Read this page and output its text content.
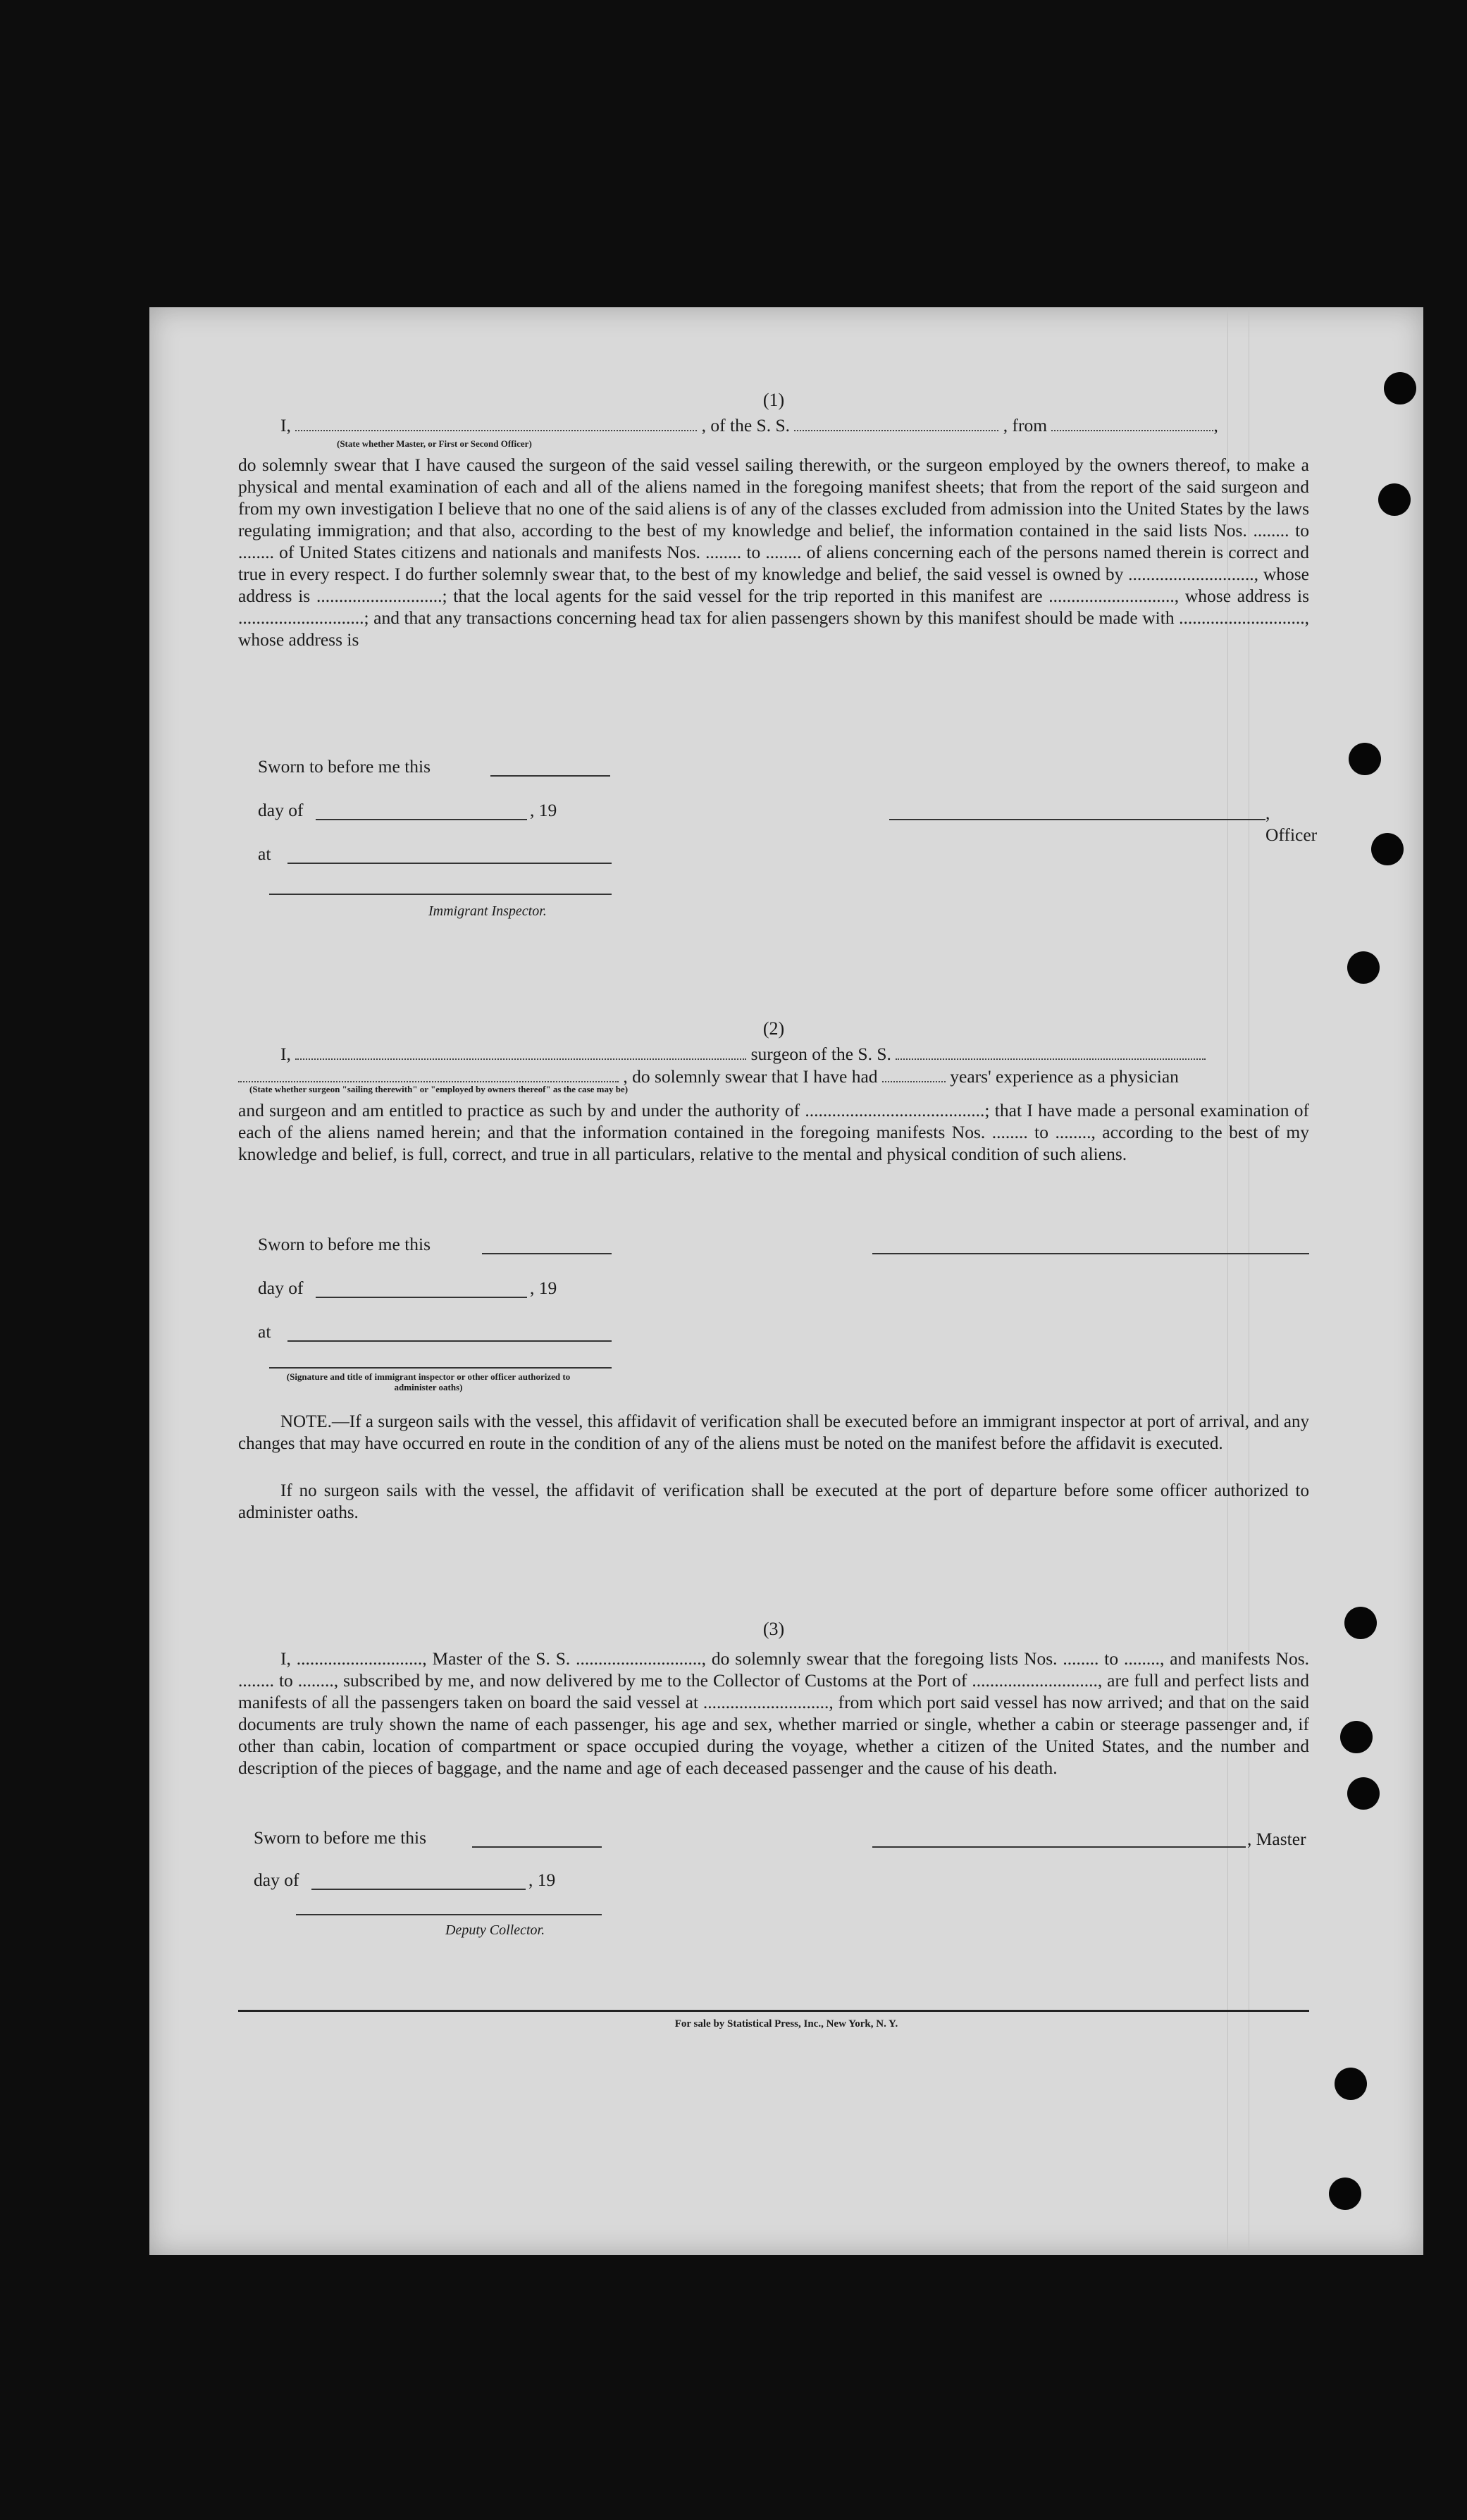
(1)
I,	, of the S. S.	, from	,
(State whether Master, or First or Second Officer)
do solemnly swear that I have caused the surgeon of the said vessel sailing therewith, or the surgeon employed by the owners thereof, to make a physical and mental examination of each and all of the aliens named in the foregoing manifest sheets; that from the report of the said surgeon and from my own investigation I believe that no one of the said aliens is of any of the classes excluded from admission into the United States by the laws regulating immigration; and that also, according to the best of my knowledge and belief, the information contained in the said lists Nos. ........ to ........ of United States citizens and nationals and manifests Nos. ........ to ........ of aliens concerning each of the persons named therein is correct and true in every respect. I do further solemnly swear that, to the best of my knowledge and belief, the said vessel is owned by ............................, whose address is ............................; that the local agents for the said vessel for the trip reported in this manifest are ............................, whose address is ............................; and that any transactions concerning head tax for alien passengers shown by this manifest should be made with ............................, whose address is
Sworn to before me this
day of	, 19
at
Immigrant Inspector.
, Officer
(2)
I,	surgeon of the S. S.
, do solemnly swear that I have had	years' experience as a physician
(State whether surgeon "sailing therewith" or "employed by owners thereof" as the case may be)
and surgeon and am entitled to practice as such by and under the authority of ........................................; that I have made a personal examination of each of the aliens named herein; and that the information contained in the foregoing manifests Nos. ........ to ........, according to the best of my knowledge and belief, is full, correct, and true in all particulars, relative to the mental and physical condition of such aliens.
Sworn to before me this
day of	, 19
at
(Signature and title of immigrant inspector or other officer authorized to administer oaths)
NOTE.—If a surgeon sails with the vessel, this affidavit of verification shall be executed before an immigrant inspector at port of arrival, and any changes that may have occurred en route in the condition of any of the aliens must be noted on the manifest before the affidavit is executed.
If no surgeon sails with the vessel, the affidavit of verification shall be executed at the port of departure before some officer authorized to administer oaths.
(3)
I, ............................, Master of the S. S. ............................, do solemnly swear that the foregoing lists Nos. ........ to ........, and manifests Nos. ........ to ........, subscribed by me, and now delivered by me to the Collector of Customs at the Port of ............................, are full and perfect lists and manifests of all the passengers taken on board the said vessel at ............................, from which port said vessel has now arrived; and that on the said documents are truly shown the name of each passenger, his age and sex, whether married or single, whether a cabin or steerage passenger and, if other than cabin, location of compartment or space occupied during the voyage, whether a citizen of the United States, and the number and description of the pieces of baggage, and the name and age of each deceased passenger and the cause of his death.
Sworn to before me this
day of	, 19
Deputy Collector.
, Master
For sale by Statistical Press, Inc., New York, N. Y.
